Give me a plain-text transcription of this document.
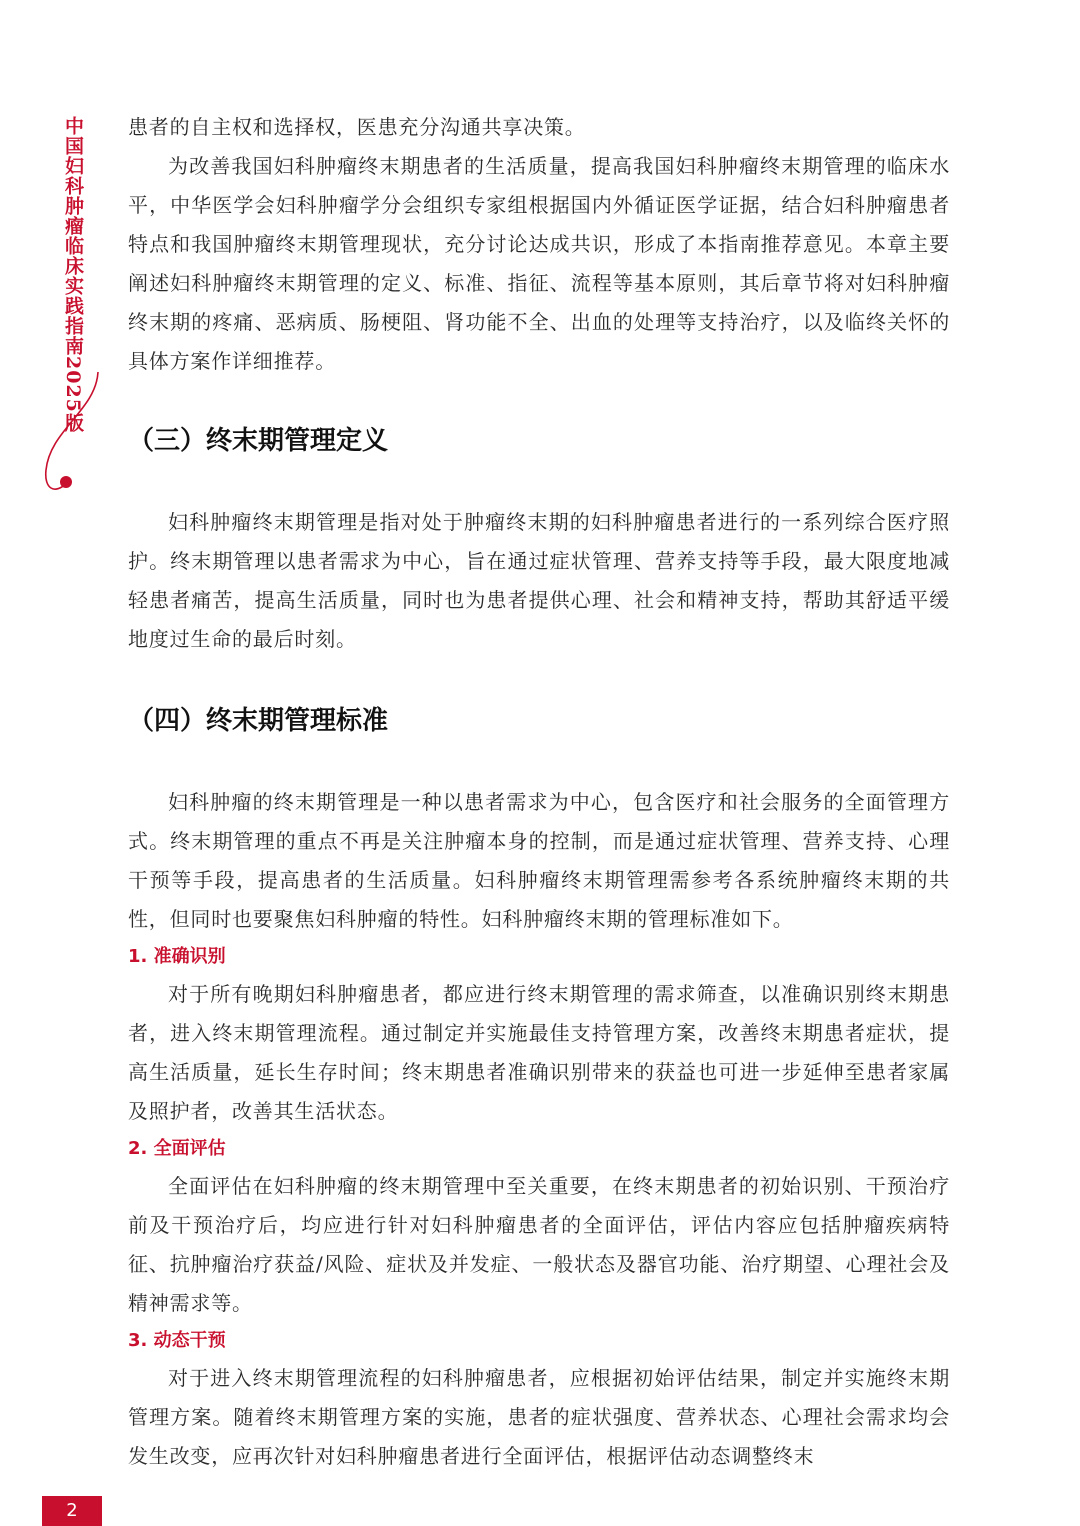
中国妇科肿瘤临床实践指南2025版 患者的自主权和选择权，医患充分沟通共享决策。

为改善我国妇科肿瘤终末期患者的生活质量，提高我国妇科肿瘤终末期管理的临床水平，中华医学会妇科肿瘤学分会组织专家组根据国内外循证医学证据，结合妇科肿瘤患者特点和我国肿瘤终末期管理现状，充分讨论达成共识，形成了本指南推荐意见。本章主要阐述妇科肿瘤终末期管理的定义、标准、指征、流程等基本原则，其后章节将对妇科肿瘤终末期的疼痛、恶病质、肠梗阻、肾功能不全、出血的处理等支持治疗，以及临终关怀的具体方案作详细推荐。

（三）终末期管理定义

妇科肿瘤终末期管理是指对处于肿瘤终末期的妇科肿瘤患者进行的一系列综合医疗照护。终末期管理以患者需求为中心，旨在通过症状管理、营养支持等手段，最大限度地减轻患者痛苦，提高生活质量，同时也为患者提供心理、社会和精神支持，帮助其舒适平缓地度过生命的最后时刻。

（四）终末期管理标准

妇科肿瘤的终末期管理是一种以患者需求为中心，包含医疗和社会服务的全面管理方式。终末期管理的重点不再是关注肿瘤本身的控制，而是通过症状管理、营养支持、心理干预等手段，提高患者的生活质量。妇科肿瘤终末期管理需参考各系统肿瘤终末期的共性，但同时也要聚焦妇科肿瘤的特性。妇科肿瘤终末期的管理标准如下。

1. 准确识别

对于所有晚期妇科肿瘤患者，都应进行终末期管理的需求筛查，以准确识别终末期患者，进入终末期管理流程。通过制定并实施最佳支持管理方案，改善终末期患者症状，提高生活质量，延长生存时间；终末期患者准确识别带来的获益也可进一步延伸至患者家属及照护者，改善其生活状态。

2. 全面评估

全面评估在妇科肿瘤的终末期管理中至关重要，在终末期患者的初始识别、干预治疗前及干预治疗后，均应进行针对妇科肿瘤患者的全面评估，评估内容应包括肿瘤疾病特征、抗肿瘤治疗获益/风险、症状及并发症、一般状态及器官功能、治疗期望、心理社会及精神需求等。

3. 动态干预

对于进入终末期管理流程的妇科肿瘤患者，应根据初始评估结果，制定并实施终末期管理方案。随着终末期管理方案的实施，患者的症状强度、营养状态、心理社会需求均会发生改变，应再次针对妇科肿瘤患者进行全面评估，根据评估动态调整终末

2
